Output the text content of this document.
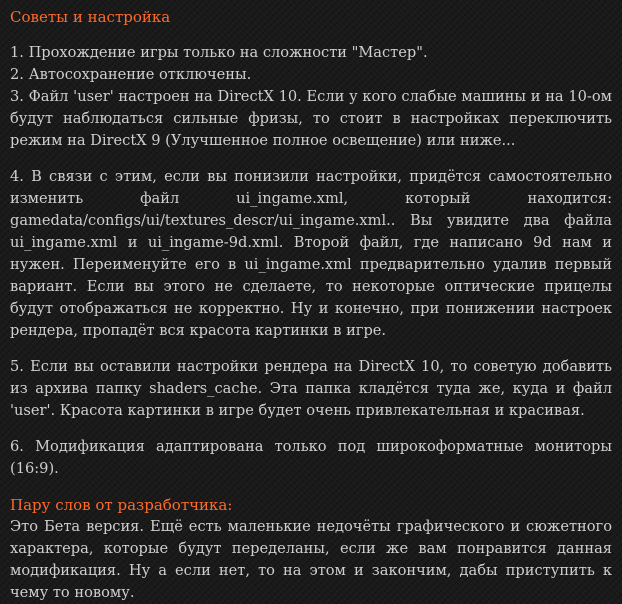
Советы и настройка

1. Прохождение игры только на сложности "Мастер".
2. Автосохранение отключены.
3. Файл 'user' настроен на DirectX 10. Если у кого слабые машины и на 10-ом будут наблюдаться сильные фризы, то стоит в настройках переключить режим на DirectX 9 (Улучшенное полное освещение) или ниже...

4. В связи с этим, если вы понизили настройки, придётся самостоятельно изменить файл ui_ingame.xml, который находится: gamedata/configs/ui/textures_descr/ui_ingame.xml.. Вы увидите два файла ui_ingame.xml и ui_ingame-9d.xml. Второй файл, где написано 9d нам и нужен. Переименуйте его в ui_ingame.xml предварительно удалив первый вариант. Если вы этого не сделаете, то некоторые оптические прицелы будут отображаться не корректно. Ну и конечно, при понижении настроек рендера, пропадёт вся красота картинки в игре.

5. Если вы оставили настройки рендера на DirectX 10, то советую добавить из архива папку shaders_cache. Эта папка кладётся туда же, куда и файл 'user'. Красота картинки в игре будет очень привлекательная и красивая.

6. Модификация адаптирована только под широкоформатные мониторы (16:9).

Пару слов от разработчика:

Это Бета версия. Ещё есть маленькие недочёты графического и сюжетного характера, которые будут переделаны, если же вам понравится данная модификация. Ну а если нет, то на этом и закончим, дабы приступить к чему то новому.
